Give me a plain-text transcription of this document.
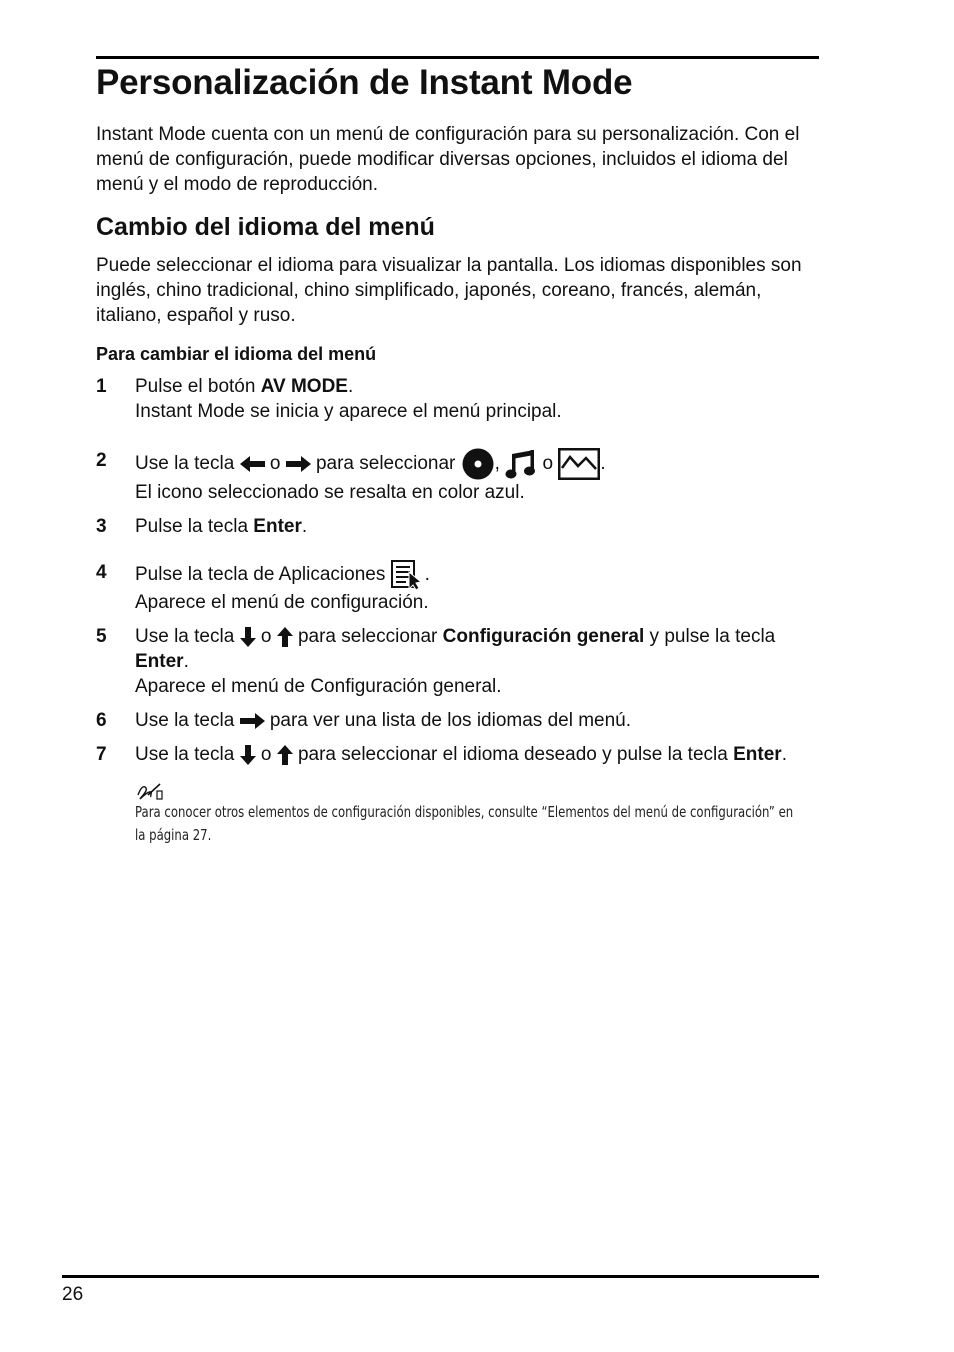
Personalización de Instant Mode

Instant Mode cuenta con un menú de configuración para su personalización. Con el menú de configuración, puede modificar diversas opciones, incluidos el idioma del menú y el modo de reproducción.

Cambio del idioma del menú

Puede seleccionar el idioma para visualizar la pantalla. Los idiomas disponibles son inglés, chino tradicional, chino simplificado, japonés, coreano, francés, alemán, italiano, español y ruso.

Para cambiar el idioma del menú
1 Pulse el botón AV MODE.
Instant Mode se inicia y aparece el menú principal.
2 Use la tecla
o
para seleccionar
,
o
.
El icono seleccionado se resalta en color azul.
3 Pulse la tecla Enter.
4 Pulse la tecla de Aplicaciones
.
Aparece el menú de configuración.
5 Use la tecla
o
para seleccionar Configuración general y pulse la tecla Enter.
Aparece el menú de Configuración general.
6 Use la tecla
para ver una lista de los idiomas del menú.
7 Use la tecla
o
para seleccionar el idioma deseado y pulse la tecla Enter.
Para conocer otros elementos de configuración disponibles, consulte “Elementos del menú de configuración” en la página 27.
26
